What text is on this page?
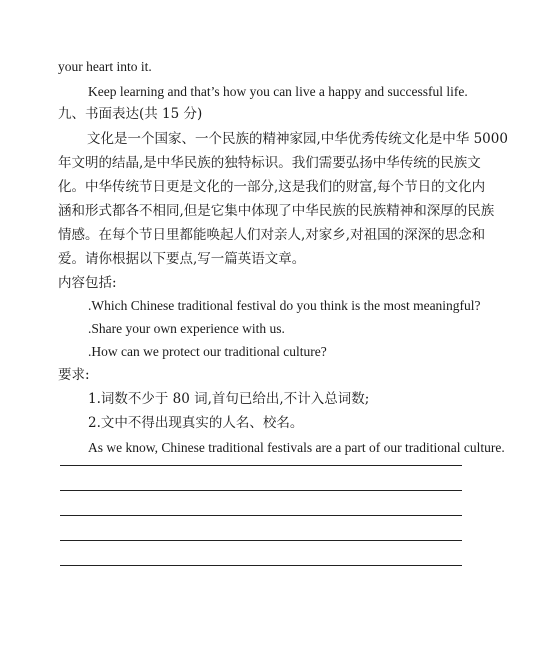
your heart into it.
Keep learning and that’s how you can live a happy and successful life.
九、书面表达(共 15 分)
文化是一个国家、一个民族的精神家园,中华优秀传统文化是中华 5000
年文明的结晶,是中华民族的独特标识。我们需要弘扬中华传统的民族文
化。中华传统节日更是文化的一部分,这是我们的财富,每个节日的文化内
涵和形式都各不相同,但是它集中体现了中华民族的民族精神和深厚的民族
情感。在每个节日里都能唤起人们对亲人,对家乡,对祖国的深深的思念和
爱。请你根据以下要点,写一篇英语文章。
内容包括:
.Which Chinese traditional festival do you think is the most meaningful?
.Share your own experience with us.
.How can we protect our traditional culture?
要求:
1.词数不少于 80 词,首句已给出,不计入总词数;
2.文中不得出现真实的人名、校名。
As we know, Chinese traditional festivals are a part of our traditional culture.
